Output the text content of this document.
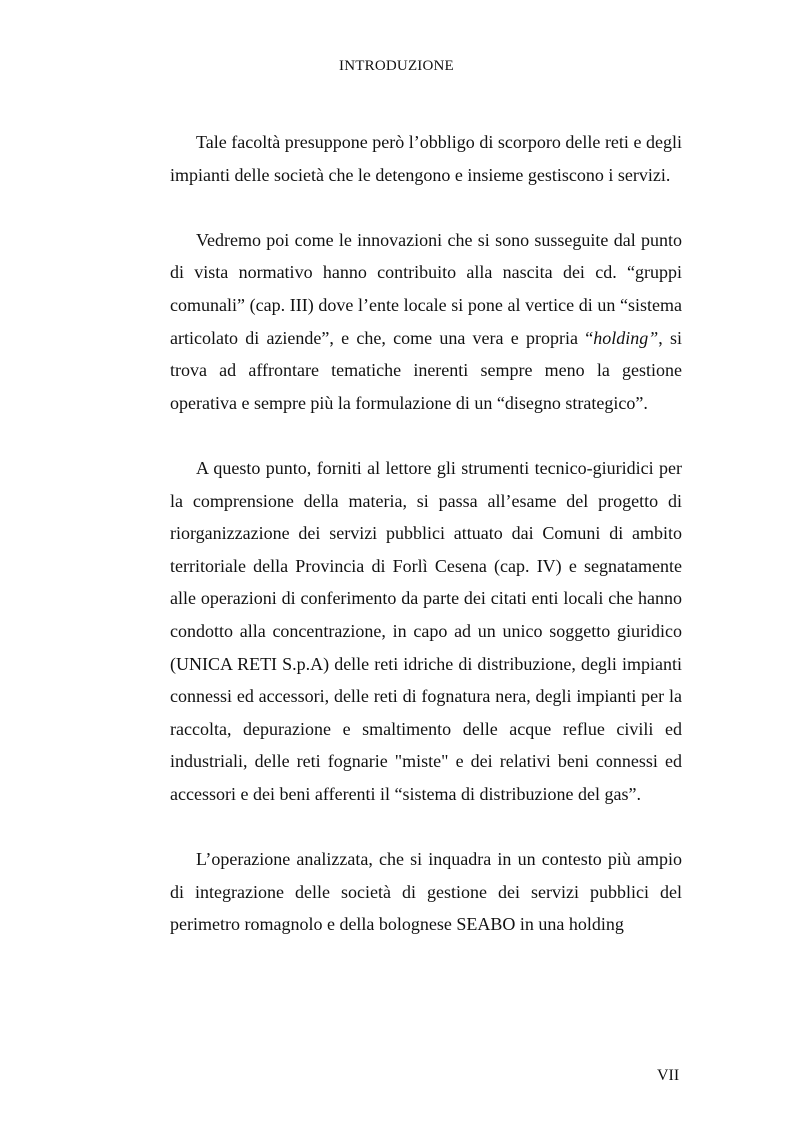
INTRODUZIONE

Tale facoltà presuppone però l’obbligo di scorporo delle reti e degli impianti delle società che le detengono e insieme gestiscono i servizi.

Vedremo poi come le innovazioni che si sono susseguite dal punto di vista normativo hanno contribuito alla nascita dei cd. “gruppi comunali” (cap. III) dove l’ente locale si pone al vertice di un “sistema articolato di aziende”, e che, come una vera e propria “holding”, si trova ad affrontare tematiche inerenti sempre meno la gestione operativa e sempre più la formulazione di un “disegno strategico”.

A questo punto, forniti al lettore gli strumenti tecnico-giuridici per la comprensione della materia, si passa all’esame del progetto di riorganizzazione dei servizi pubblici attuato dai Comuni di ambito territoriale della Provincia di Forlì Cesena (cap. IV) e segnatamente alle operazioni di conferimento da parte dei citati enti locali che hanno condotto alla concentrazione, in capo ad un unico soggetto giuridico (UNICA RETI S.p.A) delle reti idriche di distribuzione, degli impianti connessi ed accessori, delle reti di fognatura nera, degli impianti per la raccolta, depurazione e smaltimento delle acque reflue civili ed industriali, delle reti fognarie "miste" e dei relativi beni connessi ed accessori e dei beni afferenti il “sistema di distribuzione del gas”.

L’operazione analizzata, che si inquadra in un contesto più ampio di integrazione delle società di gestione dei servizi pubblici del perimetro romagnolo e della bolognese SEABO in una holding

VII
